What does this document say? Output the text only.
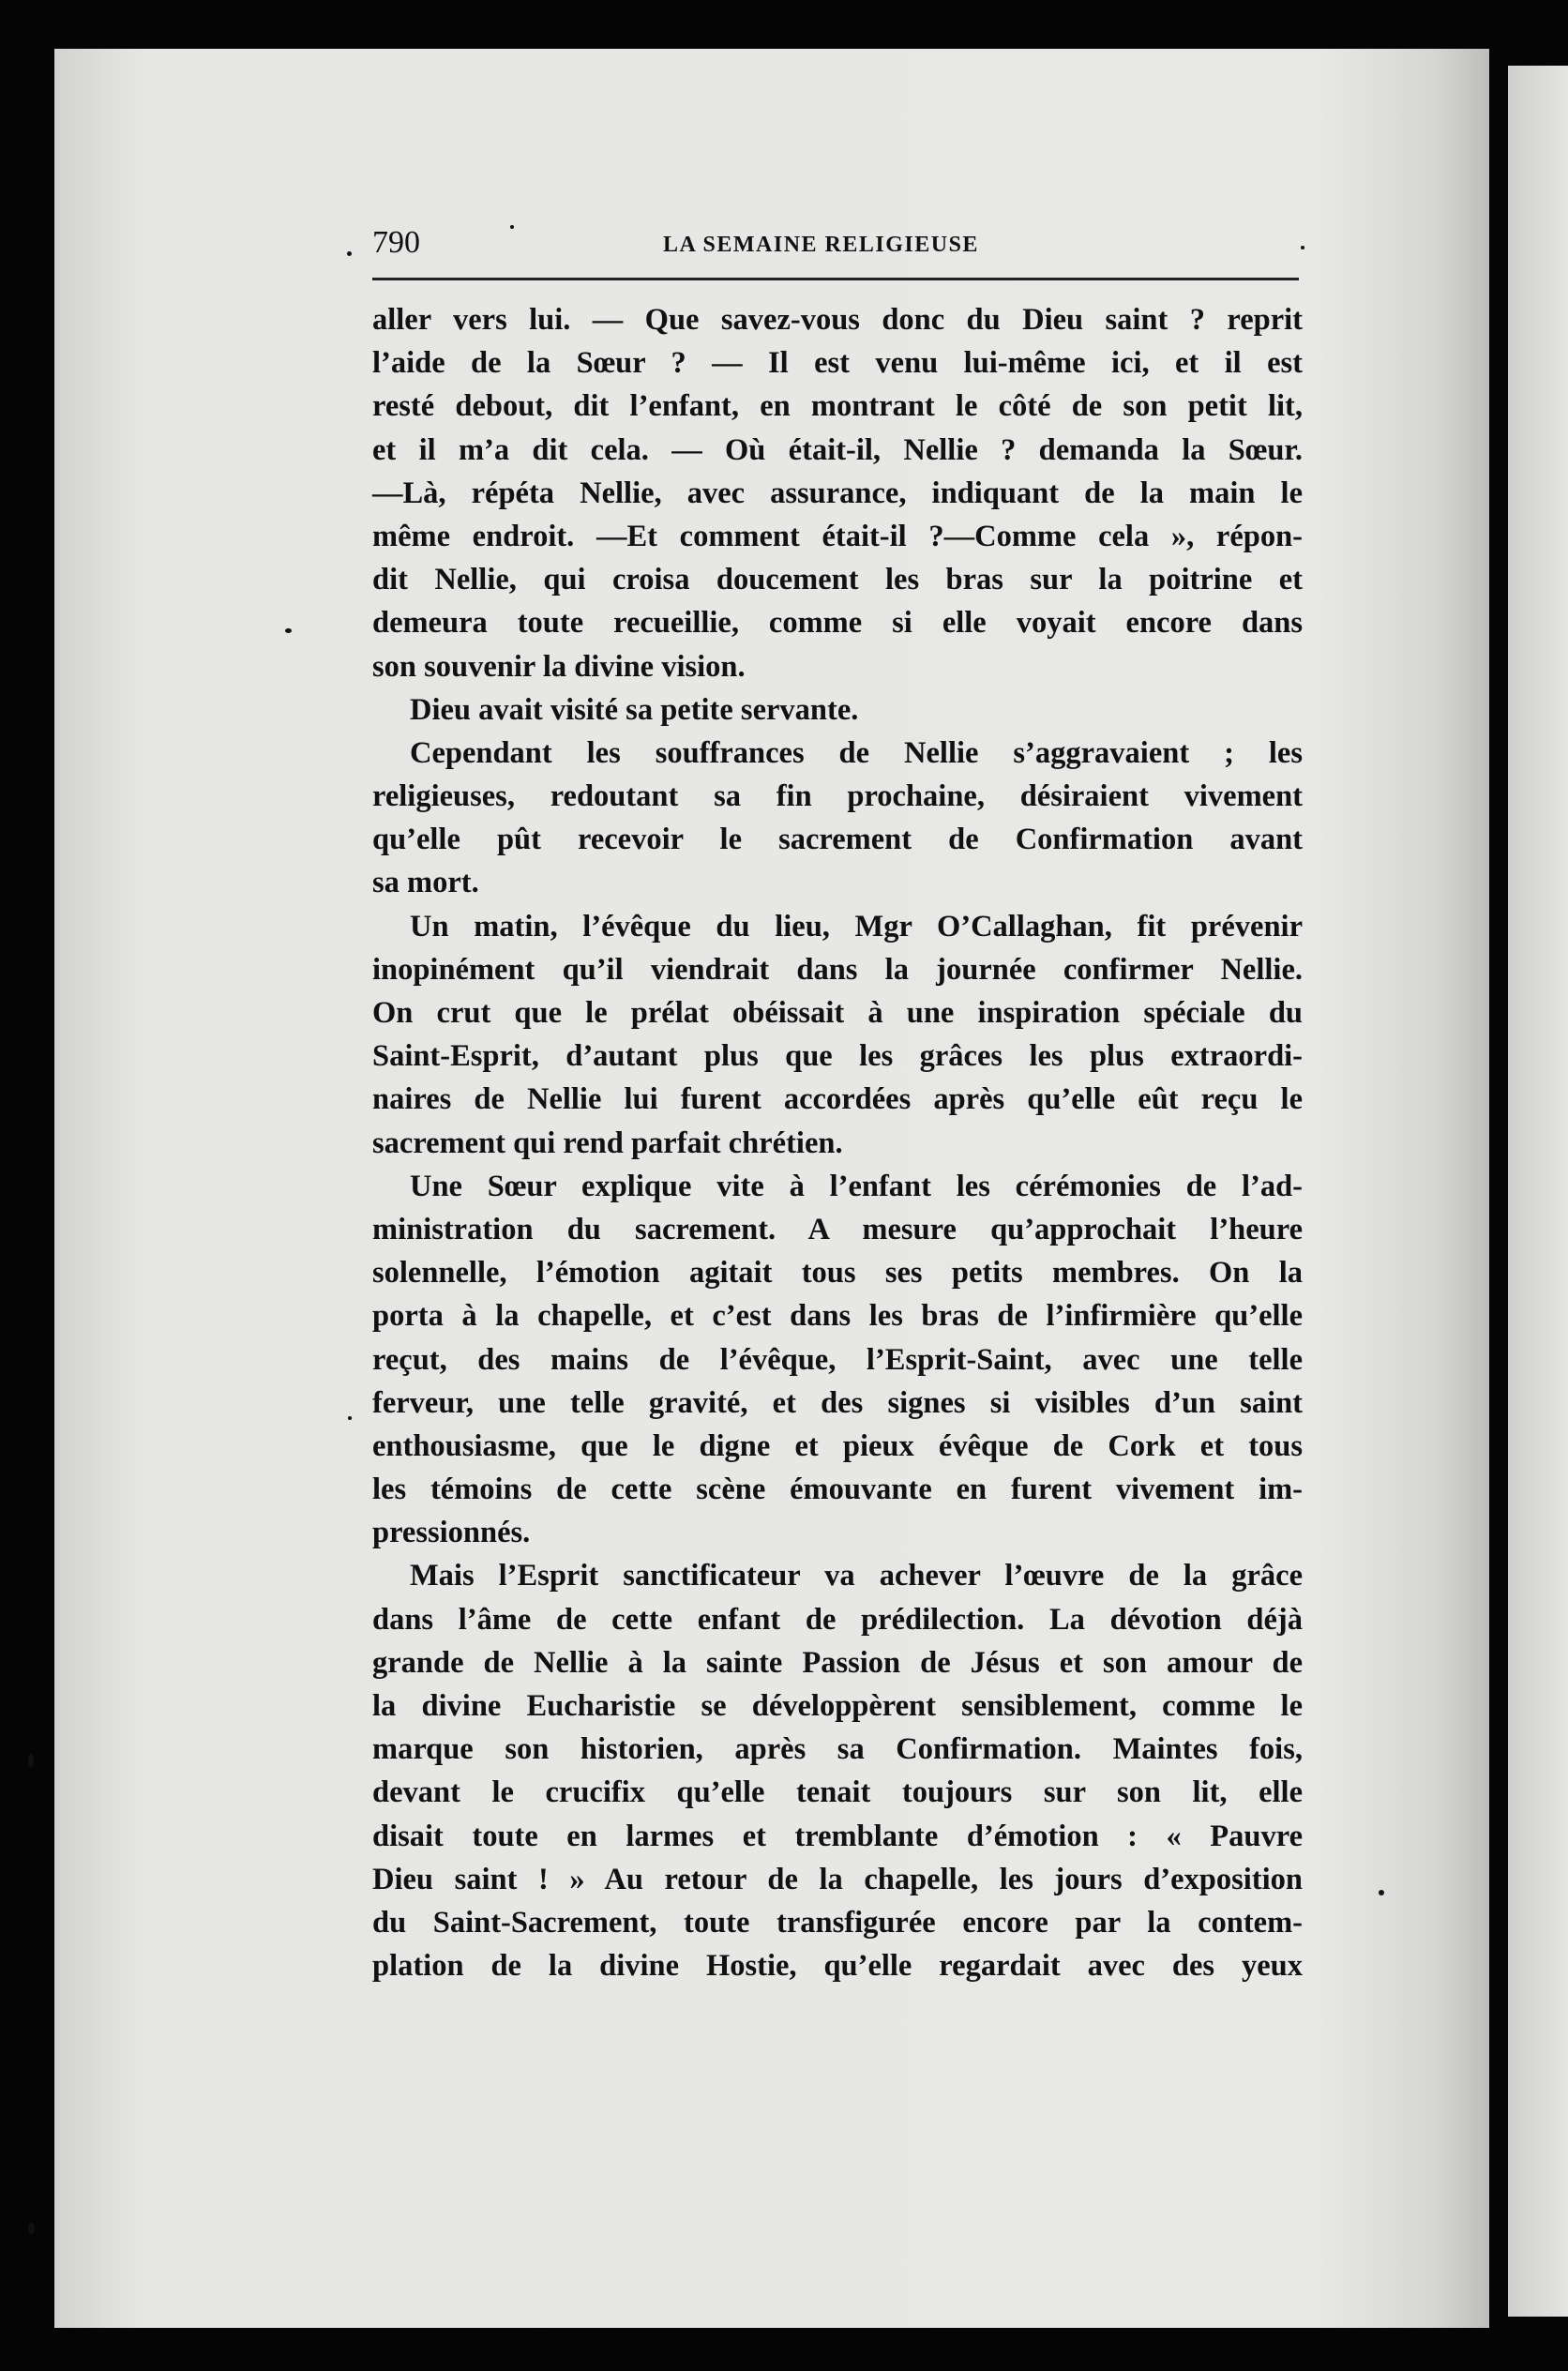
790	LA SEMAINE RELIGIEUSE
aller vers lui. — Que savez-vous donc du Dieu saint ? reprit
l’aide de la Sœur ? — Il est venu lui-même ici, et il est
resté debout, dit l’enfant, en montrant le côté de son petit lit,
et il m’a dit cela. — Où était-il, Nellie ? demanda la Sœur.
—Là, répéta Nellie, avec assurance, indiquant de la main le
même endroit. —Et comment était-il ?—Comme cela », répon-
dit Nellie, qui croisa doucement les bras sur la poitrine et
demeura toute recueillie, comme si elle voyait encore dans
son souvenir la divine vision.
Dieu avait visité sa petite servante.
Cependant les souffrances de Nellie s’aggravaient ; les
religieuses, redoutant sa fin prochaine, désiraient vivement
qu’elle pût recevoir le sacrement de Confirmation avant
sa mort.
Un matin, l’évêque du lieu, Mgr O’Callaghan, fit prévenir
inopinément qu’il viendrait dans la journée confirmer Nellie.
On crut que le prélat obéissait à une inspiration spéciale du
Saint-Esprit, d’autant plus que les grâces les plus extraordi-
naires de Nellie lui furent accordées après qu’elle eût reçu le
sacrement qui rend parfait chrétien.
Une Sœur explique vite à l’enfant les cérémonies de l’ad-
ministration du sacrement. A mesure qu’approchait l’heure
solennelle, l’émotion agitait tous ses petits membres. On la
porta à la chapelle, et c’est dans les bras de l’infirmière qu’elle
reçut, des mains de l’évêque, l’Esprit-Saint, avec une telle
ferveur, une telle gravité, et des signes si visibles d’un saint
enthousiasme, que le digne et pieux évêque de Cork et tous
les témoins de cette scène émouvante en furent vivement im-
pressionnés.
Mais l’Esprit sanctificateur va achever l’œuvre de la grâce
dans l’âme de cette enfant de prédilection. La dévotion déjà
grande de Nellie à la sainte Passion de Jésus et son amour de
la divine Eucharistie se développèrent sensiblement, comme le
marque son historien, après sa Confirmation. Maintes fois,
devant le crucifix qu’elle tenait toujours sur son lit, elle
disait toute en larmes et tremblante d’émotion : « Pauvre
Dieu saint ! » Au retour de la chapelle, les jours d’exposition
du Saint-Sacrement, toute transfigurée encore par la contem-
plation de la divine Hostie, qu’elle regardait avec des yeux
